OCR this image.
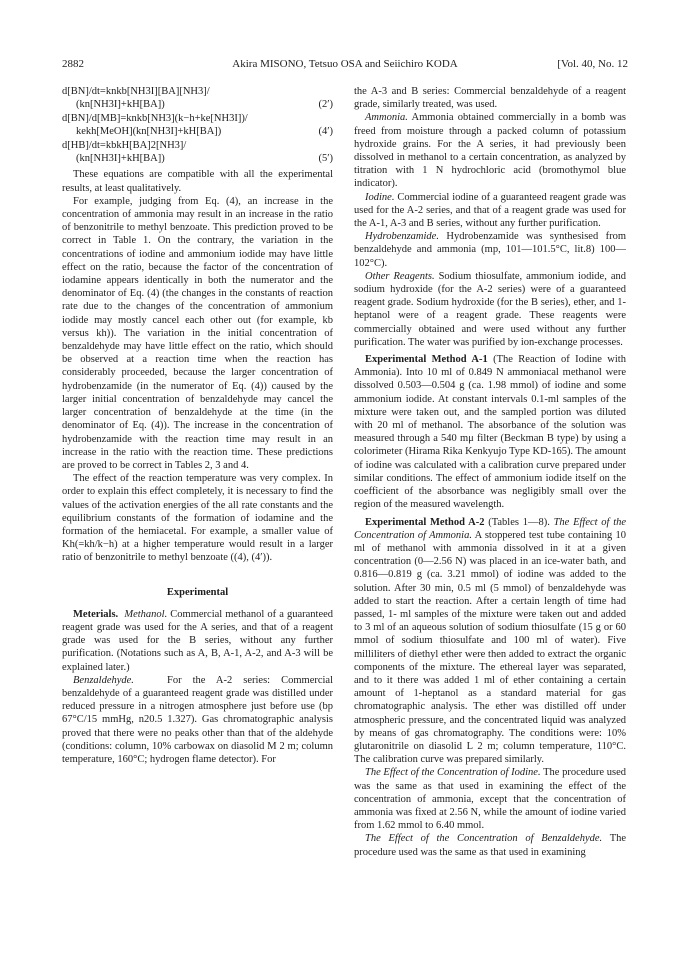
2882	Akira MISONO, Tetsuo OSA and Seiichiro KODA	[Vol. 40, No. 12
d[BN]/dt=knkb[NH3I][BA][NH3]/
(kn[NH3I]+kH[BA])	(2′)
d[BN]/d[MB]=knkb[NH3](k−h+ke[NH3I])/
kekh[MeOH](kn[NH3I]+kH[BA])	(4′)
d[HB]/dt=kbkH[BA]2[NH3]/
(kn[NH3I]+kH[BA])	(5′)

These equations are compatible with all the experimental results, at least qualitatively.

For example, judging from Eq. (4), an increase in the concentration of ammonia may result in an increase in the ratio of benzonitrile to methyl benzoate. This prediction proved to be correct in Table 1. On the contrary, the variation in the concentrations of iodine and ammonium iodide may have little effect on the ratio, because the factor of the concentration of iodamine appears identically in both the numerator and the denominator of Eq. (4) (the changes in the constants of reaction rate due to the changes of the concentration of ammonium iodide may mostly cancel each other out (for example, kb versus kh)). The variation in the initial concentration of benzaldehyde may have little effect on the ratio, which should be observed at a reaction time when the reaction has considerably proceeded, because the larger concentration of hydrobenzamide (in the numerator of Eq. (4)) caused by the larger initial concentration of benzaldehyde may cancel the larger concentration of benzaldehyde at the time (in the denominator of Eq. (4)). The increase in the concentration of hydrobenzamide with the reaction time may result in an increase in the ratio with the reaction time. These predictions are proved to be correct in Tables 2, 3 and 4.

The effect of the reaction temperature was very complex. In order to explain this effect completely, it is necessary to find the values of the activation energies of the all rate constants and the equilibrium constants of the formation of iodamine and the formation of the hemiacetal. For example, a smaller value of Kh(=kh/k−h) at a higher temperature would result in a larger ratio of benzonitrile to methyl benzoate ((4), (4′)).

Experimental

Meterials. Methanol. Commercial methanol of a guaranteed reagent grade was used for the A series, and that of a reagent grade was used for the B series, without any further purification. (Notations such as A, B, A-1, A-2, and A-3 will be explained later.)

Benzaldehyde.	For the A-2 series: Commercial benzaldehyde of a guaranteed reagent grade was distilled under reduced pressure in a nitrogen atmosphere just before use (bp 67°C/15 mmHg, n20.5 1.327). Gas chromatographic analysis proved that there were no peaks other than that of the aldehyde (conditions: column, 10% carbowax on diasolid M 2 m; column temperature, 160°C; hydrogen flame detector). For

the A-3 and B series: Commercial benzaldehyde of a reagent grade, similarly treated, was used.

Ammonia. Ammonia obtained commercially in a bomb was freed from moisture through a packed column of potassium hydroxide grains. For the A series, it had previously been dissolved in methanol to a certain concentration, as analyzed by titration with 1 N hydrochloric acid (bromothymol blue indicator).

Iodine. Commercial iodine of a guaranteed reagent grade was used for the A-2 series, and that of a reagent grade was used for the A-1, A-3 and B series, without any further purification.

Hydrobenzamide. Hydrobenzamide was synthesised from benzaldehyde and ammonia (mp, 101—101.5°C, lit.8) 100—102°C).

Other Reagents. Sodium thiosulfate, ammonium iodide, and sodium hydroxide (for the A-2 series) were of a guaranteed reagent grade. Sodium hydroxide (for the B series), ether, and 1-heptanol were of a reagent grade. These reagents were commercially obtained and were used without any further purification. The water was purified by ion-exchange processes.

Experimental Method A-1 (The Reaction of Iodine with Ammonia). Into 10 ml of 0.849 N ammoniacal methanol were dissolved 0.503—0.504 g (ca. 1.98 mmol) of iodine and some ammonium iodide. At constant intervals 0.1-ml samples of the mixture were taken out, and the sampled portion was diluted with 20 ml of methanol. The absorbance of the solution was measured through a 540 mμ filter (Beckman B type) by using a colorimeter (Hirama Rika Kenkyujo Type KD-165). The amount of iodine was calculated with a calibration curve prepared under similar conditions. The effect of ammonium iodide itself on the coefficient of the absorbance was negligibly small over the region of the measured wavelength.

Experimental Method A-2 (Tables 1—8). The Effect of the Concentration of Ammonia. A stoppered test tube containing 10 ml of methanol with ammonia dissolved in it at a given concentration (0—2.56 N) was placed in an ice-water bath, and 0.816—0.819 g (ca. 3.21 mmol) of iodine was added to the solution. After 30 min, 0.5 ml (5 mmol) of benzaldehyde was added to start the reaction. After a certain length of time had passed, 1- ml samples of the mixture were taken out and added to 3 ml of an aqueous solution of sodium thiosulfate (15 g or 60 mmol of sodium thiosulfate and 100 ml of water). Five milliliters of diethyl ether were then added to extract the organic components of the mixture. The ethereal layer was separated, and to it there was added 1 ml of ether containing a certain amount of 1-heptanol as a standard material for gas chromatographic analysis. The ether was distilled off under atmospheric pressure, and the concentrated liquid was analyzed by means of gas chromatography. The conditions were: 10% glutaronitrile on diasolid L 2 m; column temperature, 110°C. The calibration curve was prepared similarly.

The Effect of the Concentration of Iodine. The procedure used was the same as that used in examining the effect of the concentration of ammonia, except that the concentration of ammonia was fixed at 2.56 N, while the amount of iodine varied from 1.62 mmol to 6.40 mmol.

The Effect of the Concentration of Benzaldehyde. The procedure used was the same as that used in examining
